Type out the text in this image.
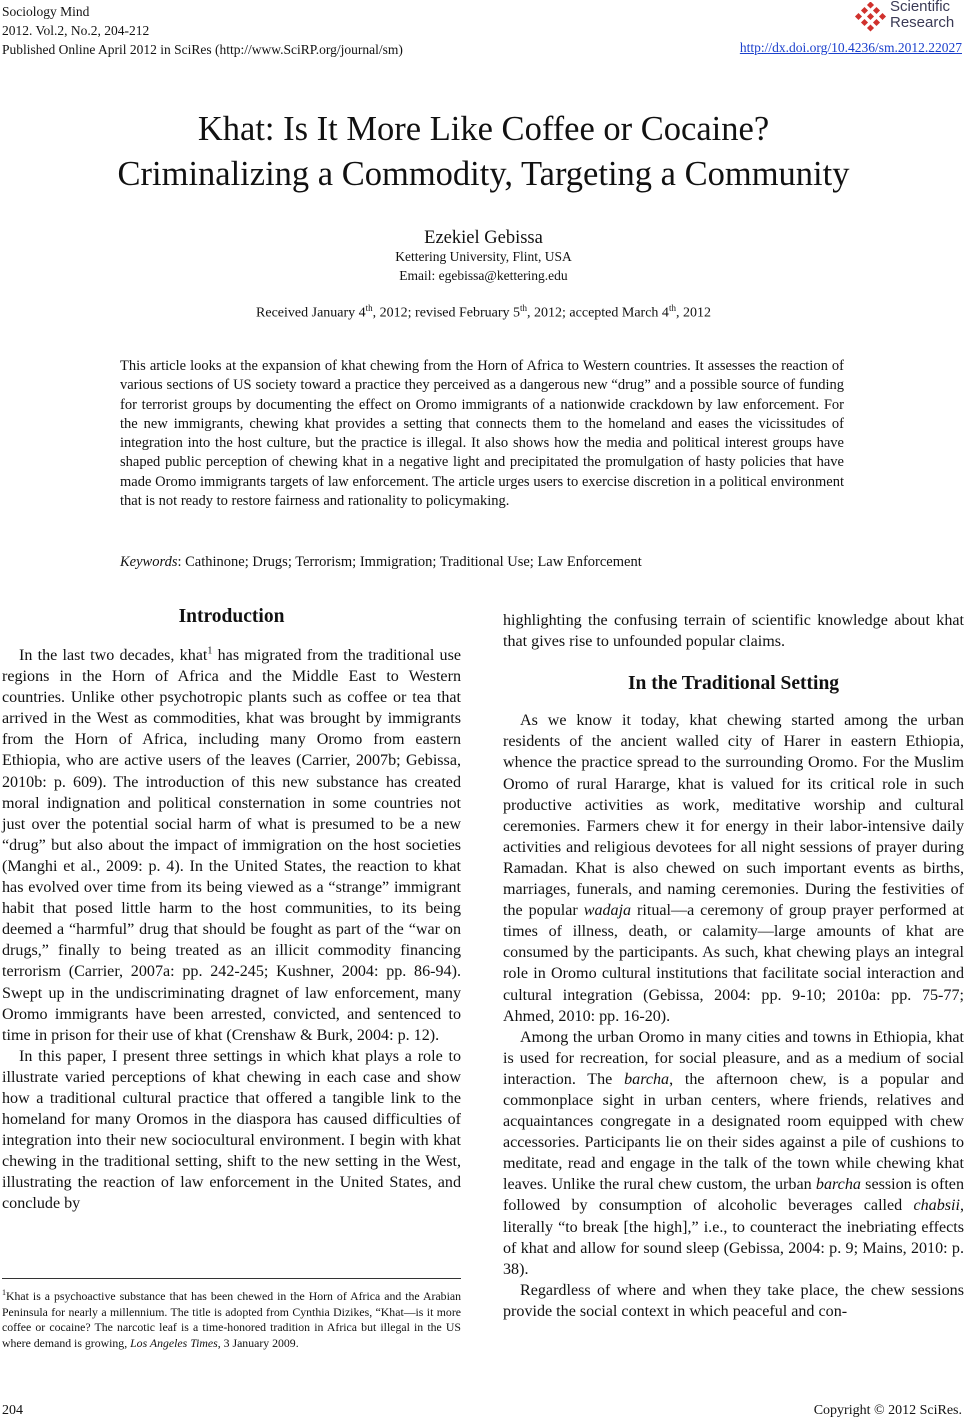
Sociology Mind
2012. Vol.2, No.2, 204-212
Published Online April 2012 in SciRes (http://www.SciRP.org/journal/sm)
Scientific
Research
http://dx.doi.org/10.4236/sm.2012.22027
Khat: Is It More Like Coffee or Cocaine?
Criminalizing a Commodity, Targeting a Community
Ezekiel Gebissa
Kettering University, Flint, USA
Email: egebissa@kettering.edu
Received January 4th, 2012; revised February 5th, 2012; accepted March 4th, 2012
This article looks at the expansion of khat chewing from the Horn of Africa to Western countries. It assesses the reaction of various sections of US society toward a practice they perceived as a dangerous new “drug” and a possible source of funding for terrorist groups by documenting the effect on Oromo immigrants of a nationwide crackdown by law enforcement. For the new immigrants, chewing khat provides a setting that connects them to the homeland and eases the vicissitudes of integration into the host culture, but the practice is illegal. It also shows how the media and political interest groups have shaped public perception of chewing khat in a negative light and precipitated the promulgation of hasty policies that have made Oromo immigrants targets of law enforcement. The article urges users to exercise discretion in a political environment that is not ready to restore fairness and rationality to policymaking.
Keywords: Cathinone; Drugs; Terrorism; Immigration; Traditional Use; Law Enforcement

Introduction

In the last two decades, khat$^1$ has migrated from the traditional use regions in the Horn of Africa and the Middle East to Western countries. Unlike other psychotropic plants such as coffee or tea that arrived in the West as commodities, khat was brought by immigrants from the Horn of Africa, including many Oromo from eastern Ethiopia, who are active users of the leaves (Carrier, 2007b; Gebissa, 2010b: p. 609). The introduction of this new substance has created moral indignation and political consternation in some countries not just over the potential social harm of what is presumed to be a new “drug” but also about the impact of immigration on the host societies (Manghi et al., 2009: p. 4). In the United States, the reaction to khat has evolved over time from its being viewed as a “strange” immigrant habit that posed little harm to the host communities, to its being deemed a “harmful” drug that should be fought as part of the “war on drugs,” finally to being treated as an illicit commodity financing terrorism (Carrier, 2007a: pp. 242-245; Kushner, 2004: pp. 86-94). Swept up in the undiscriminating dragnet of law enforcement, many Oromo immigrants have been arrested, convicted, and sentenced to time in prison for their use of khat (Crenshaw & Burk, 2004: p. 12).

In this paper, I present three settings in which khat plays a role to illustrate varied perceptions of khat chewing in each case and show how a traditional cultural practice that offered a tangible link to the homeland for many Oromos in the diaspora has caused difficulties of integration into their new sociocultural environment. I begin with khat chewing in the traditional setting, shift to the new setting in the West, illustrating the reaction of law enforcement in the United States, and conclude by

highlighting the confusing terrain of scientific knowledge about khat that gives rise to unfounded popular claims.

In the Traditional Setting

As we know it today, khat chewing started among the urban residents of the ancient walled city of Harer in eastern Ethiopia, whence the practice spread to the surrounding Oromo. For the Muslim Oromo of rural Hararge, khat is valued for its critical role in such productive activities as work, meditative worship and cultural ceremonies. Farmers chew it for energy in their labor-intensive daily activities and religious devotees for all night sessions of prayer during Ramadan. Khat is also chewed on such important events as births, marriages, funerals, and naming ceremonies. During the festivities of the popular wadaja ritual—a ceremony of group prayer performed at times of illness, death, or calamity—large amounts of khat are consumed by the participants. As such, khat chewing plays an integral role in Oromo cultural institutions that facilitate social interaction and cultural integration (Gebissa, 2004: pp. 9-10; 2010a: pp. 75-77; Ahmed, 2010: pp. 16-20).

Among the urban Oromo in many cities and towns in Ethiopia, khat is used for recreation, for social pleasure, and as a medium of social interaction. The barcha, the afternoon chew, is a popular and commonplace sight in urban centers, where friends, relatives and acquaintances congregate in a designated room equipped with chew accessories. Participants lie on their sides against a pile of cushions to meditate, read and engage in the talk of the town while chewing khat leaves. Unlike the rural chew custom, the urban barcha session is often followed by consumption of alcoholic beverages called chabsii, literally “to break [the high],” i.e., to counteract the inebriating effects of khat and allow for sound sleep (Gebissa, 2004: p. 9; Mains, 2010: p. 38).

Regardless of where and when they take place, the chew sessions provide the social context in which peaceful and con-

$^1$Khat is a psychoactive substance that has been chewed in the Horn of Africa and the Arabian Peninsula for nearly a millennium. The title is adopted from Cynthia Dizikes, “Khat—is it more coffee or cocaine? The narcotic leaf is a time-honored tradition in Africa but illegal in the US where demand is growing, Los Angeles Times, 3 January 2009.
204	Copyright © 2012 SciRes.
